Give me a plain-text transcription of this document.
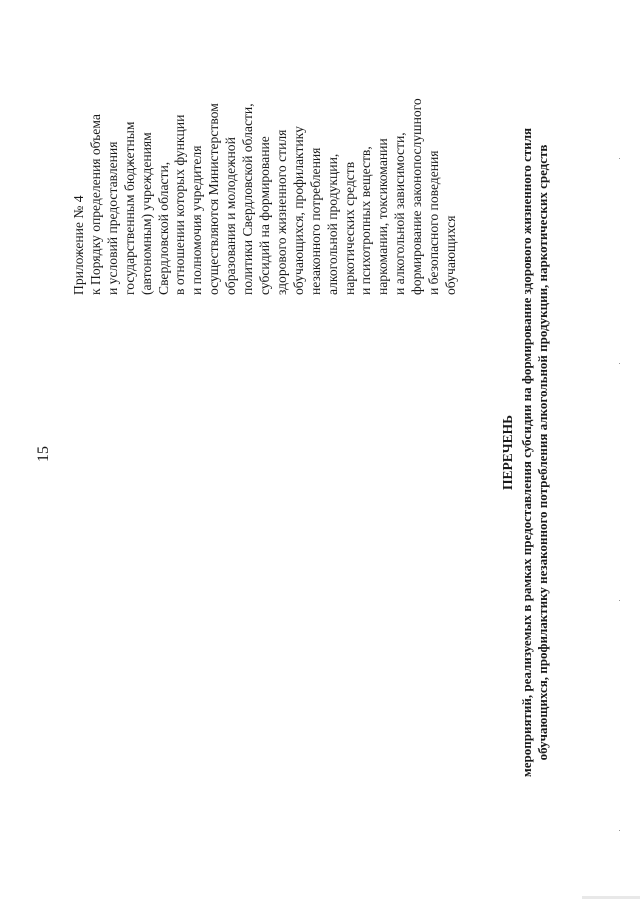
15
Приложение № 4 к Порядку определения объема и условий предоставления государственным бюджетным (автономным) учреждениям Свердловской области, в отношении которых функции и полномочия учредителя осуществляются Министерством образования и молодежной политики Свердловской области, субсидий на формирование здорового жизненного стиля обучающихся, профилактику незаконного потребления алкогольной продукции, наркотических средств и психотропных веществ, наркомании, токсикомании и алкогольной зависимости, формирование законопослушного и безопасного поведения обучающихся
ПЕРЕЧЕНЬ мероприятий, реализуемых в рамках предоставления субсидии на формирование здорового жизненного стиля обучающихся, профилактику незаконного потребления алкогольной продукции, наркотических средств
